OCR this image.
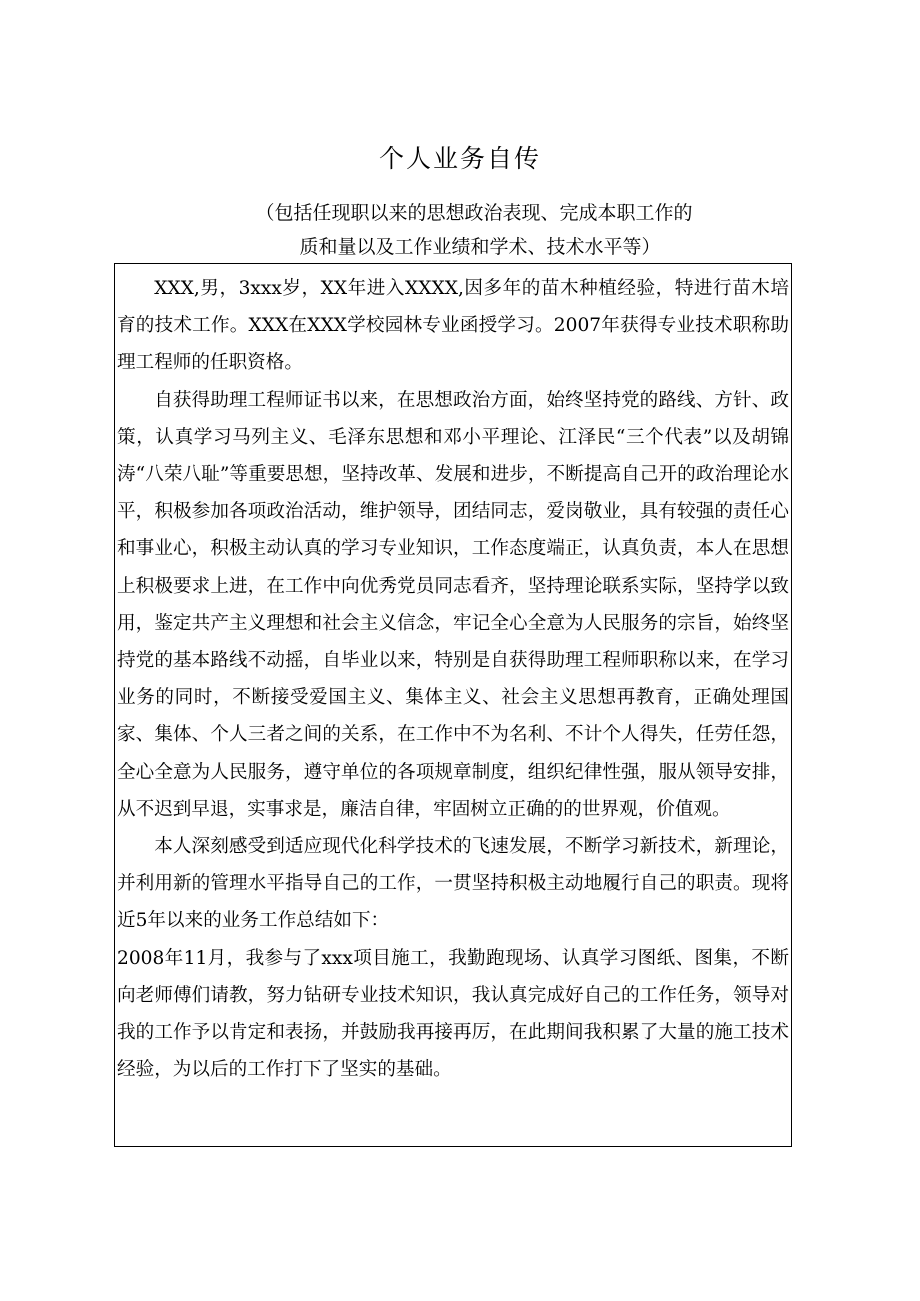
个人业务自传
（包括任现职以来的思想政治表现、完成本职工作的
质和量以及工作业绩和学术、技术水平等）

XXX,男，3xxx岁，XX年进入XXXX,因多年的苗木种植经验，特进行苗木培育的技术工作。XXX在XXX学校园林专业函授学习。2007年获得专业技术职称助理工程师的任职资格。

自获得助理工程师证书以来，在思想政治方面，始终坚持党的路线、方针、政策，认真学习马列主义、毛泽东思想和邓小平理论、江泽民“三个代表”以及胡锦涛“八荣八耻”等重要思想，坚持改革、发展和进步，不断提高自己开的政治理论水平，积极参加各项政治活动，维护领导，团结同志，爱岗敬业，具有较强的责任心和事业心，积极主动认真的学习专业知识，工作态度端正，认真负责，本人在思想上积极要求上进，在工作中向优秀党员同志看齐，坚持理论联系实际，坚持学以致用，鉴定共产主义理想和社会主义信念，牢记全心全意为人民服务的宗旨，始终坚持党的基本路线不动摇，自毕业以来，特别是自获得助理工程师职称以来，在学习业务的同时，不断接受爱国主义、集体主义、社会主义思想再教育，正确处理国家、集体、个人三者之间的关系，在工作中不为名利、不计个人得失，任劳任怨，全心全意为人民服务，遵守单位的各项规章制度，组织纪律性强，服从领导安排，从不迟到早退，实事求是，廉洁自律，牢固树立正确的的世界观，价值观。

本人深刻感受到适应现代化科学技术的飞速发展，不断学习新技术，新理论，并利用新的管理水平指导自己的工作，一贯坚持积极主动地履行自己的职责。现将近5年以来的业务工作总结如下：

2008年11月，我参与了xxx项目施工，我勤跑现场、认真学习图纸、图集，不断向老师傅们请教，努力钻研专业技术知识，我认真完成好自己的工作任务，领导对我的工作予以肯定和表扬，并鼓励我再接再厉，在此期间我积累了大量的施工技术经验，为以后的工作打下了坚实的基础。
